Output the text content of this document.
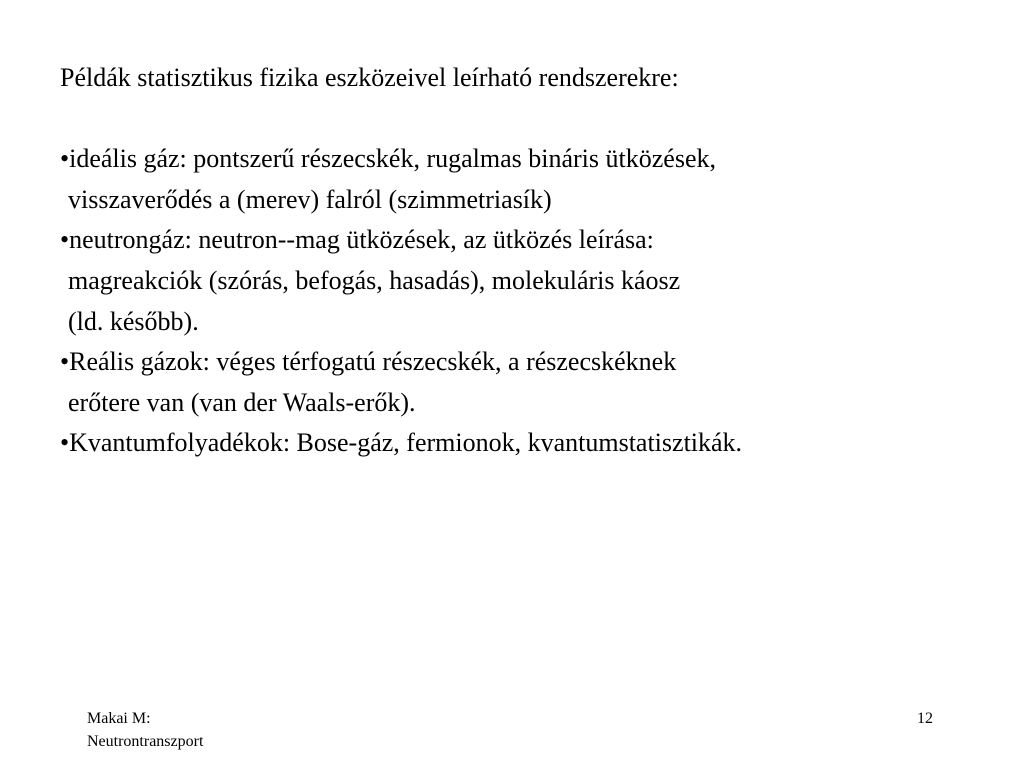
Példák statisztikus fizika eszközeivel leírható rendszerekre:

•ideális gáz: pontszerű részecskék, rugalmas bináris ütközések,

visszaverődés a (merev) falról (szimmetriasík)

•neutrongáz: neutron--mag ütközések, az ütközés leírása:

magreakciók (szórás, befogás, hasadás), molekuláris káosz

(ld. később).

•Reális gázok: véges térfogatú részecskék, a részecskéknek

erőtere van (van der Waals-erők).

•Kvantumfolyadékok: Bose-gáz, fermionok, kvantumstatisztikák.

Makai M:
Neutrontranszport
12
